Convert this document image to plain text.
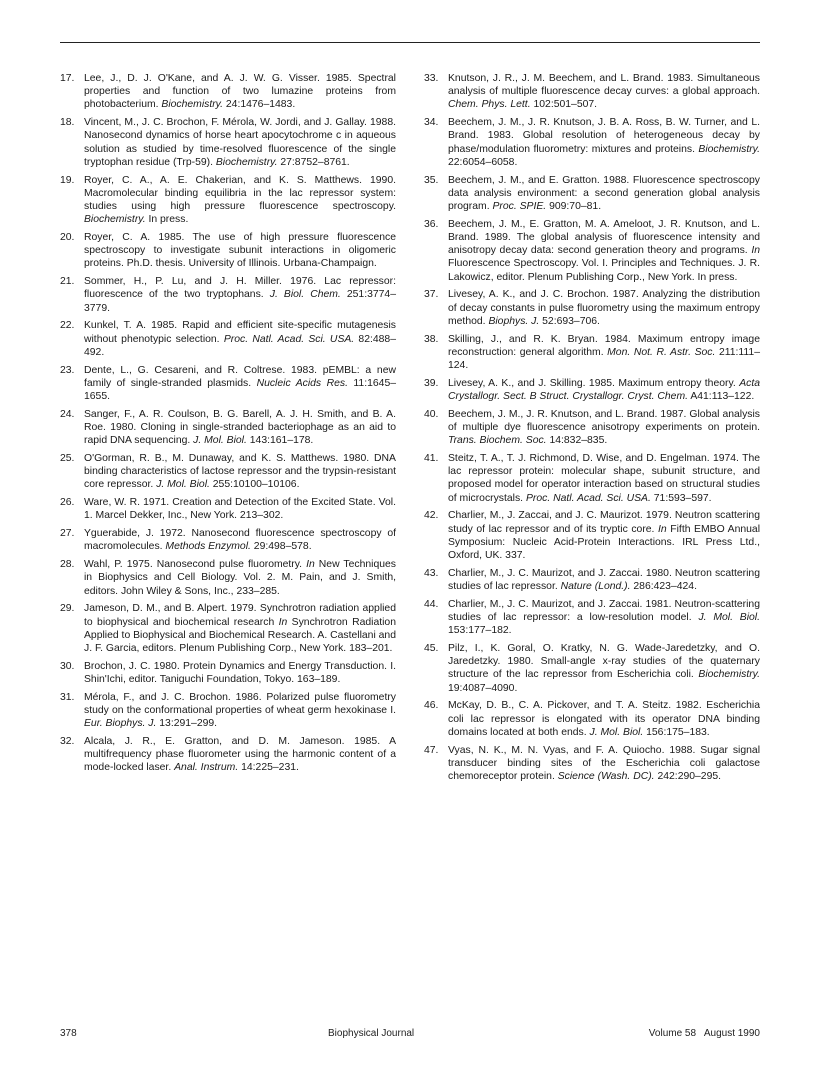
17. Lee, J., D. J. O'Kane, and A. J. W. G. Visser. 1985. Spectral properties and function of two lumazine proteins from photobacterium. Biochemistry. 24:1476–1483.
18. Vincent, M., J. C. Brochon, F. Mérola, W. Jordi, and J. Gallay. 1988. Nanosecond dynamics of horse heart apocytochrome c in aqueous solution as studied by time-resolved fluorescence of the single tryptophan residue (Trp-59). Biochemistry. 27:8752–8761.
19. Royer, C. A., A. E. Chakerian, and K. S. Matthews. 1990. Macromolecular binding equilibria in the lac repressor system: studies using high pressure fluorescence spectroscopy. Biochemistry. In press.
20. Royer, C. A. 1985. The use of high pressure fluorescence spectroscopy to investigate subunit interactions in oligomeric proteins. Ph.D. thesis. University of Illinois. Urbana-Champaign.
21. Sommer, H., P. Lu, and J. H. Miller. 1976. Lac repressor: fluorescence of the two tryptophans. J. Biol. Chem. 251:3774–3779.
22. Kunkel, T. A. 1985. Rapid and efficient site-specific mutagenesis without phenotypic selection. Proc. Natl. Acad. Sci. USA. 82:488–492.
23. Dente, L., G. Cesareni, and R. Coltrese. 1983. pEMBL: a new family of single-stranded plasmids. Nucleic Acids Res. 11:1645–1655.
24. Sanger, F., A. R. Coulson, B. G. Barell, A. J. H. Smith, and B. A. Roe. 1980. Cloning in single-stranded bacteriophage as an aid to rapid DNA sequencing. J. Mol. Biol. 143:161–178.
25. O'Gorman, R. B., M. Dunaway, and K. S. Matthews. 1980. DNA binding characteristics of lactose repressor and the trypsin-resistant core repressor. J. Mol. Biol. 255:10100–10106.
26. Ware, W. R. 1971. Creation and Detection of the Excited State. Vol. 1. Marcel Dekker, Inc., New York. 213–302.
27. Yguerabide, J. 1972. Nanosecond fluorescence spectroscopy of macromolecules. Methods Enzymol. 29:498–578.
28. Wahl, P. 1975. Nanosecond pulse fluorometry. In New Techniques in Biophysics and Cell Biology. Vol. 2. M. Pain, and J. Smith, editors. John Wiley & Sons, Inc., 233–285.
29. Jameson, D. M., and B. Alpert. 1979. Synchrotron radiation applied to biophysical and biochemical research In Synchrotron Radiation Applied to Biophysical and Biochemical Research. A. Castellani and J. F. Garcia, editors. Plenum Publishing Corp., New York. 183–201.
30. Brochon, J. C. 1980. Protein Dynamics and Energy Transduction. I. Shin'Ichi, editor. Taniguchi Foundation, Tokyo. 163–189.
31. Mérola, F., and J. C. Brochon. 1986. Polarized pulse fluorometry study on the conformational properties of wheat germ hexokinase I. Eur. Biophys. J. 13:291–299.
32. Alcala, J. R., E. Gratton, and D. M. Jameson. 1985. A multifrequency phase fluorometer using the harmonic content of a mode-locked laser. Anal. Instrum. 14:225–231.
33. Knutson, J. R., J. M. Beechem, and L. Brand. 1983. Simultaneous analysis of multiple fluorescence decay curves: a global approach. Chem. Phys. Lett. 102:501–507.
34. Beechem, J. M., J. R. Knutson, J. B. A. Ross, B. W. Turner, and L. Brand. 1983. Global resolution of heterogeneous decay by phase/modulation fluorometry: mixtures and proteins. Biochemistry. 22:6054–6058.
35. Beechem, J. M., and E. Gratton. 1988. Fluorescence spectroscopy data analysis environment: a second generation global analysis program. Proc. SPIE. 909:70–81.
36. Beechem, J. M., E. Gratton, M. A. Ameloot, J. R. Knutson, and L. Brand. 1989. The global analysis of fluorescence intensity and anisotropy decay data: second generation theory and programs. In Fluorescence Spectroscopy. Vol. I. Principles and Techniques. J. R. Lakowicz, editor. Plenum Publishing Corp., New York. In press.
37. Livesey, A. K., and J. C. Brochon. 1987. Analyzing the distribution of decay constants in pulse fluorometry using the maximum entropy method. Biophys. J. 52:693–706.
38. Skilling, J., and R. K. Bryan. 1984. Maximum entropy image reconstruction: general algorithm. Mon. Not. R. Astr. Soc. 211:111–124.
39. Livesey, A. K., and J. Skilling. 1985. Maximum entropy theory. Acta Crystallogr. Sect. B Struct. Crystallogr. Cryst. Chem. A41:113–122.
40. Beechem, J. M., J. R. Knutson, and L. Brand. 1987. Global analysis of multiple dye fluorescence anisotropy experiments on protein. Trans. Biochem. Soc. 14:832–835.
41. Steitz, T. A., T. J. Richmond, D. Wise, and D. Engelman. 1974. The lac repressor protein: molecular shape, subunit structure, and proposed model for operator interaction based on structural studies of microcrystals. Proc. Natl. Acad. Sci. USA. 71:593–597.
42. Charlier, M., J. Zaccai, and J. C. Maurizot. 1979. Neutron scattering study of lac repressor and of its tryptic core. In Fifth EMBO Annual Symposium: Nucleic Acid-Protein Interactions. IRL Press Ltd., Oxford, UK. 337.
43. Charlier, M., J. C. Maurizot, and J. Zaccai. 1980. Neutron scattering studies of lac repressor. Nature (Lond.). 286:423–424.
44. Charlier, M., J. C. Maurizot, and J. Zaccai. 1981. Neutron-scattering studies of lac repressor: a low-resolution model. J. Mol. Biol. 153:177–182.
45. Pilz, I., K. Goral, O. Kratky, N. G. Wade-Jaredetzky, and O. Jaredetzky. 1980. Small-angle x-ray studies of the quaternary structure of the lac repressor from Escherichia coli. Biochemistry. 19:4087–4090.
46. McKay, D. B., C. A. Pickover, and T. A. Steitz. 1982. Escherichia coli lac repressor is elongated with its operator DNA binding domains located at both ends. J. Mol. Biol. 156:175–183.
47. Vyas, N. K., M. N. Vyas, and F. A. Quiocho. 1988. Sugar signal transducer binding sites of the Escherichia coli galactose chemoreceptor protein. Science (Wash. DC). 242:290–295.
378	Biophysical Journal	Volume 58   August 1990
